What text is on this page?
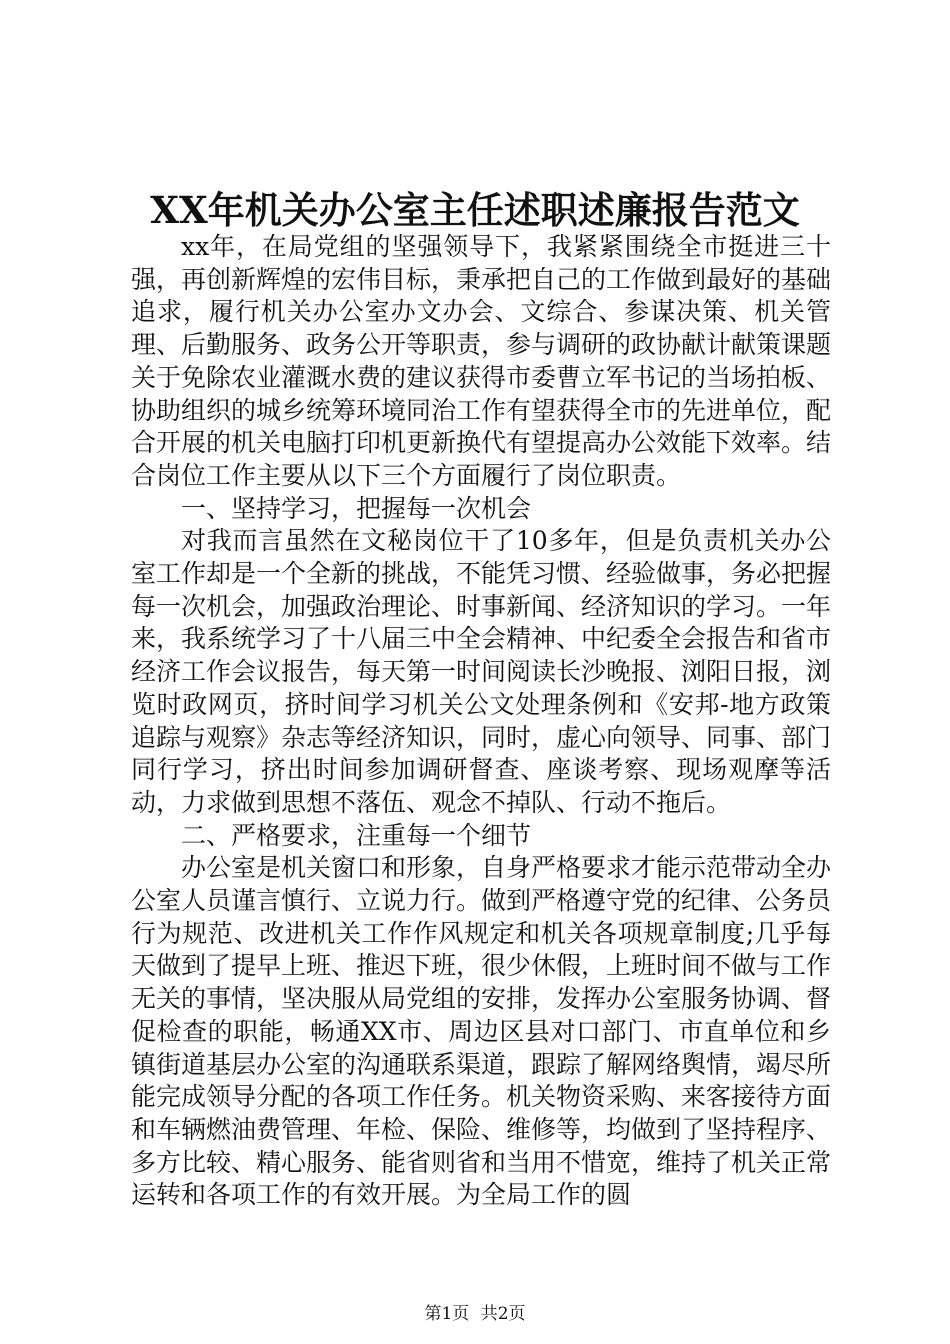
XX年机关办公室主任述职述廉报告范文

xx年，在局党组的坚强领导下，我紧紧围绕全市挺进三十强，再创新辉煌的宏伟目标，秉承把自己的工作做到最好的基础追求，履行机关办公室办文办会、文综合、参谋决策、机关管理、后勤服务、政务公开等职责，参与调研的政协献计献策课题关于免除农业灌溉水费的建议获得市委曹立军书记的当场拍板、协助组织的城乡统筹环境同治工作有望获得全市的先进单位，配合开展的机关电脑打印机更新换代有望提高办公效能下效率。结合岗位工作主要从以下三个方面履行了岗位职责。

一、坚持学习，把握每一次机会

对我而言虽然在文秘岗位干了10多年，但是负责机关办公室工作却是一个全新的挑战，不能凭习惯、经验做事，务必把握每一次机会，加强政治理论、时事新闻、经济知识的学习。一年来，我系统学习了十八届三中全会精神、中纪委全会报告和省市经济工作会议报告，每天第一时间阅读长沙晚报、浏阳日报，浏览时政网页，挤时间学习机关公文处理条例和《安邦-地方政策追踪与观察》杂志等经济知识，同时，虚心向领导、同事、部门同行学习，挤出时间参加调研督查、座谈考察、现场观摩等活动，力求做到思想不落伍、观念不掉队、行动不拖后。

二、严格要求，注重每一个细节

办公室是机关窗口和形象，自身严格要求才能示范带动全办公室人员谨言慎行、立说力行。做到严格遵守党的纪律、公务员行为规范、改进机关工作作风规定和机关各项规章制度;几乎每天做到了提早上班、推迟下班，很少休假，上班时间不做与工作无关的事情，坚决服从局党组的安排，发挥办公室服务协调、督促检查的职能，畅通XX市、周边区县对口部门、市直单位和乡镇街道基层办公室的沟通联系渠道，跟踪了解网络舆情，竭尽所能完成领导分配的各项工作任务。机关物资采购、来客接待方面和车辆燃油费管理、年检、保险、维修等，均做到了坚持程序、多方比较、精心服务、能省则省和当用不惜宽，维持了机关正常运转和各项工作的有效开展。为全局工作的圆

第1页 共2页
